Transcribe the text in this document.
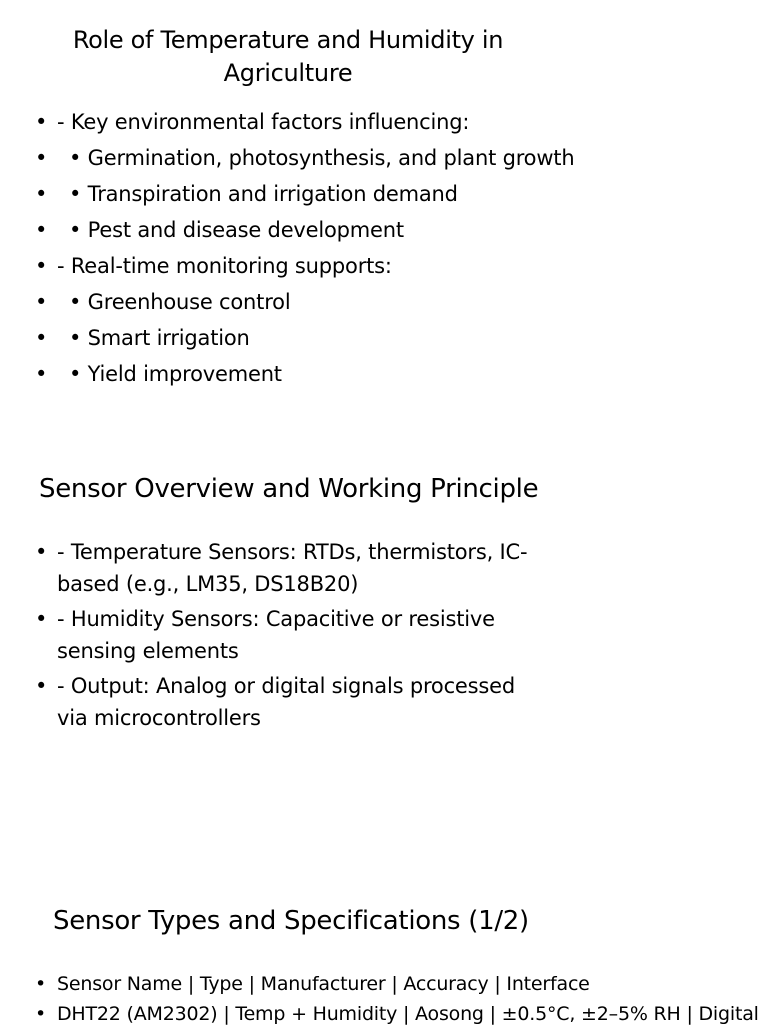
Role of Temperature and Humidity in Agriculture
• - Key environmental factors influencing:
• • Germination, photosynthesis, and plant growth
• • Transpiration and irrigation demand
• • Pest and disease development
• - Real-time monitoring supports:
• • Greenhouse control
• • Smart irrigation
• • Yield improvement
Sensor Overview and Working Principle
• - Temperature Sensors: RTDs, thermistors, IC-based (e.g., LM35, DS18B20)
• - Humidity Sensors: Capacitive or resistive sensing elements
• - Output: Analog or digital signals processed via microcontrollers
Sensor Types and Specifications (1/2)
• Sensor Name | Type | Manufacturer | Accuracy | Interface
• DHT22 (AM2302) | Temp + Humidity | Aosong | ±0.5°C, ±2–5% RH | Digital
